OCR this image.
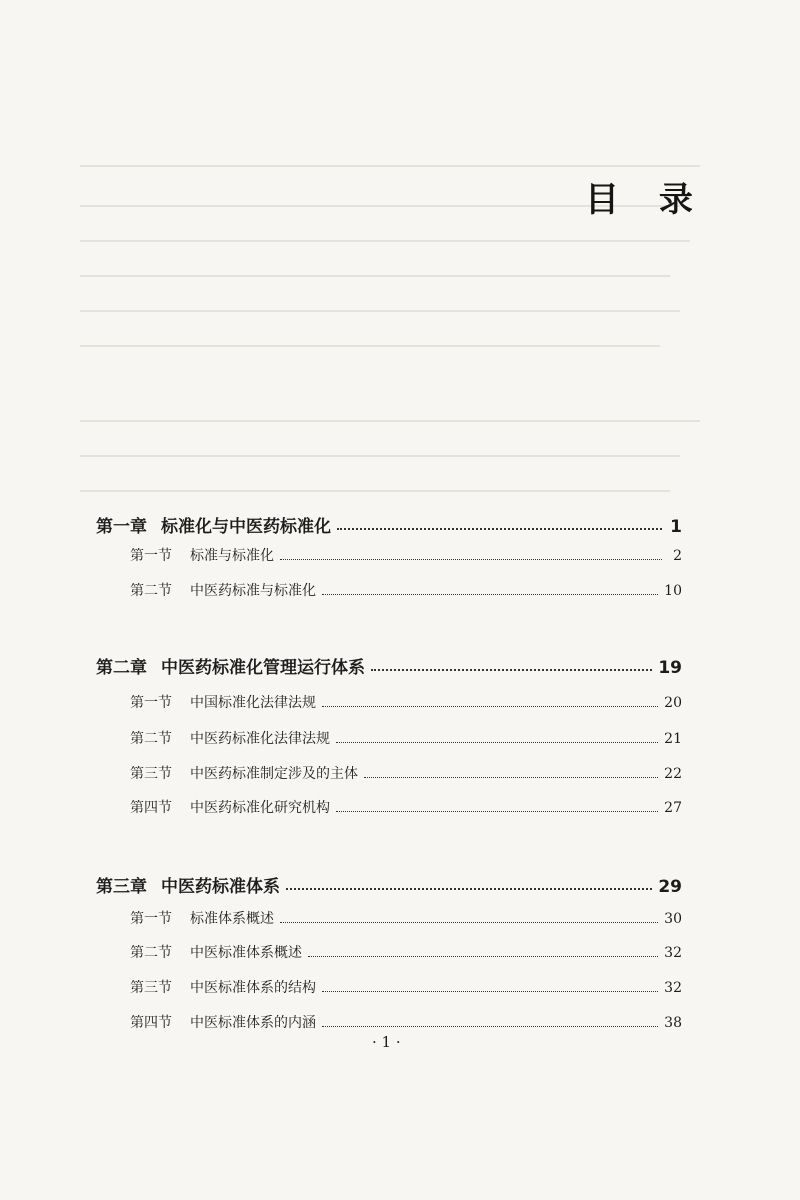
目 录
第一章 标准化与中医药标准化	1
第一节 标准与标准化	2
第二节 中医药标准与标准化	10
第二章 中医药标准化管理运行体系	19
第一节 中国标准化法律法规	20
第二节 中医药标准化法律法规	21
第三节 中医药标准制定涉及的主体	22
第四节 中医药标准化研究机构	27
第三章 中医药标准体系	29
第一节 标准体系概述	30
第二节 中医标准体系概述	32
第三节 中医标准体系的结构	32
第四节 中医标准体系的内涵	38
· 1 ·
